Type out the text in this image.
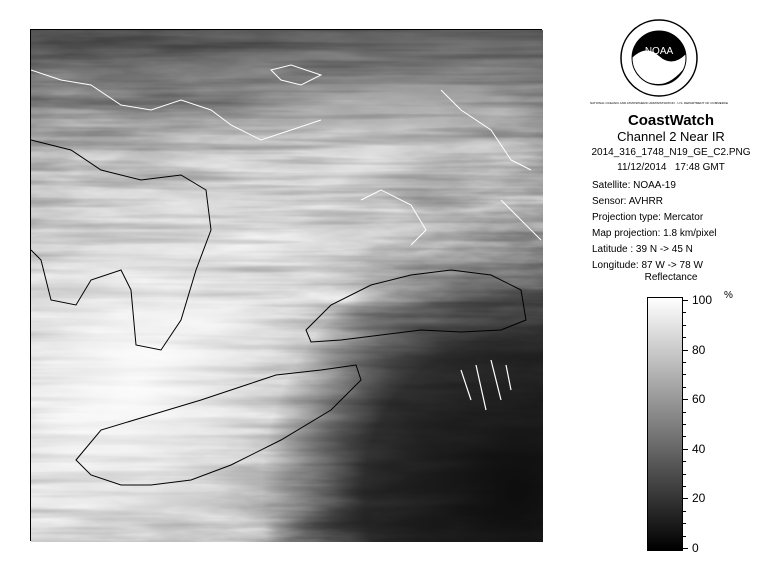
NOAA
NATIONAL OCEANIC AND ATMOSPHERIC ADMINISTRATION · U.S. DEPARTMENT OF COMMERCE
CoastWatch
Channel 2 Near IR
2014_316_1748_N19_GE_C2.PNG
11/12/2014 17:48 GMT
Satellite: NOAA-19
Sensor: AVHRR
Projection type: Mercator
Map projection: 1.8 km/pixel
Latitude : 39 N -> 45 N
Longitude: 87 W -> 78 W
Reflectance
%
100
80
60
40
20
0
